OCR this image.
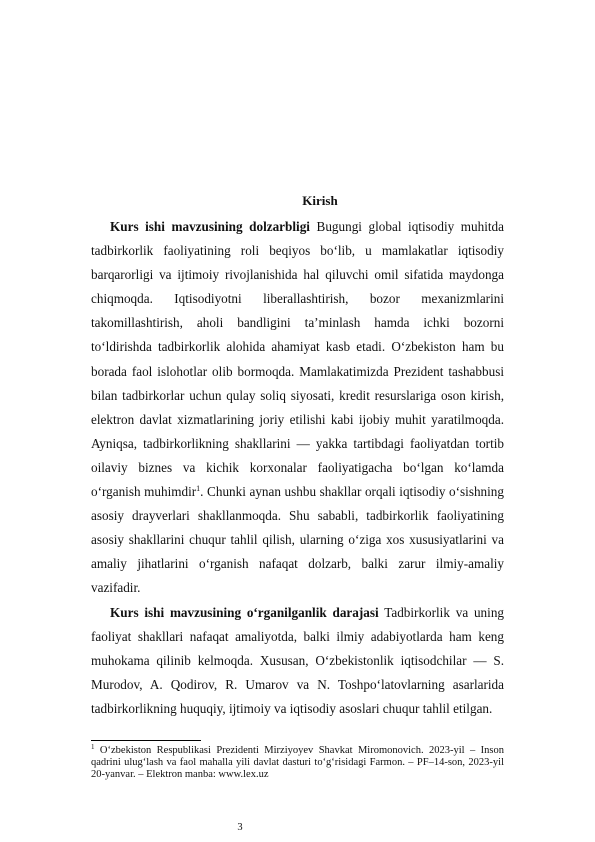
Kirish

Kurs ishi mavzusining dolzarbligi Bugungi global iqtisodiy muhitda tadbirkorlik faoliyatining roli beqiyos bo‘lib, u mamlakatlar iqtisodiy barqarorligi va ijtimoiy rivojlanishida hal qiluvchi omil sifatida maydonga chiqmoqda. Iqtisodiyotni liberallashtirish, bozor mexanizmlarini takomillashtirish, aholi bandligini ta’minlash hamda ichki bozorni to‘ldirishda tadbirkorlik alohida ahamiyat kasb etadi. O‘zbekiston ham bu borada faol islohotlar olib bormoqda. Mamlakatimizda Prezident tashabbusi bilan tadbirkorlar uchun qulay soliq siyosati, kredit resurslariga oson kirish, elektron davlat xizmatlarining joriy etilishi kabi ijobiy muhit yaratilmoqda. Ayniqsa, tadbirkorlikning shakllarini — yakka tartibdagi faoliyatdan tortib oilaviy biznes va kichik korxonalar faoliyatigacha bo‘lgan ko‘lamda o‘rganish muhimdir$^1$. Chunki aynan ushbu shakllar orqali iqtisodiy o‘sishning asosiy drayverlari shakllanmoqda. Shu sababli, tadbirkorlik faoliyatining asosiy shakllarini chuqur tahlil qilish, ularning o‘ziga xos xususiyatlarini va amaliy jihatlarini o‘rganish nafaqat dolzarb, balki zarur ilmiy-amaliy vazifadir.

Kurs ishi mavzusining o‘rganilganlik darajasi Tadbirkorlik va uning faoliyat shakllari nafaqat amaliyotda, balki ilmiy adabiyotlarda ham keng muhokama qilinib kelmoqda. Xususan, O‘zbekistonlik iqtisodchilar — S. Murodov, A. Qodirov, R. Umarov va N. Toshpo‘latovlarning asarlarida tadbirkorlikning huquqiy, ijtimoiy va iqtisodiy asoslari chuqur tahlil etilgan.

$^1$ O‘zbekiston Respublikasi Prezidenti Mirziyoyev Shavkat Miromonovich. 2023-yil – Inson qadrini ulug‘lash va faol mahalla yili davlat dasturi to‘g‘risidagi Farmon. – PF–14-son, 2023-yil 20-yanvar. – Elektron manba: www.lex.uz
3
